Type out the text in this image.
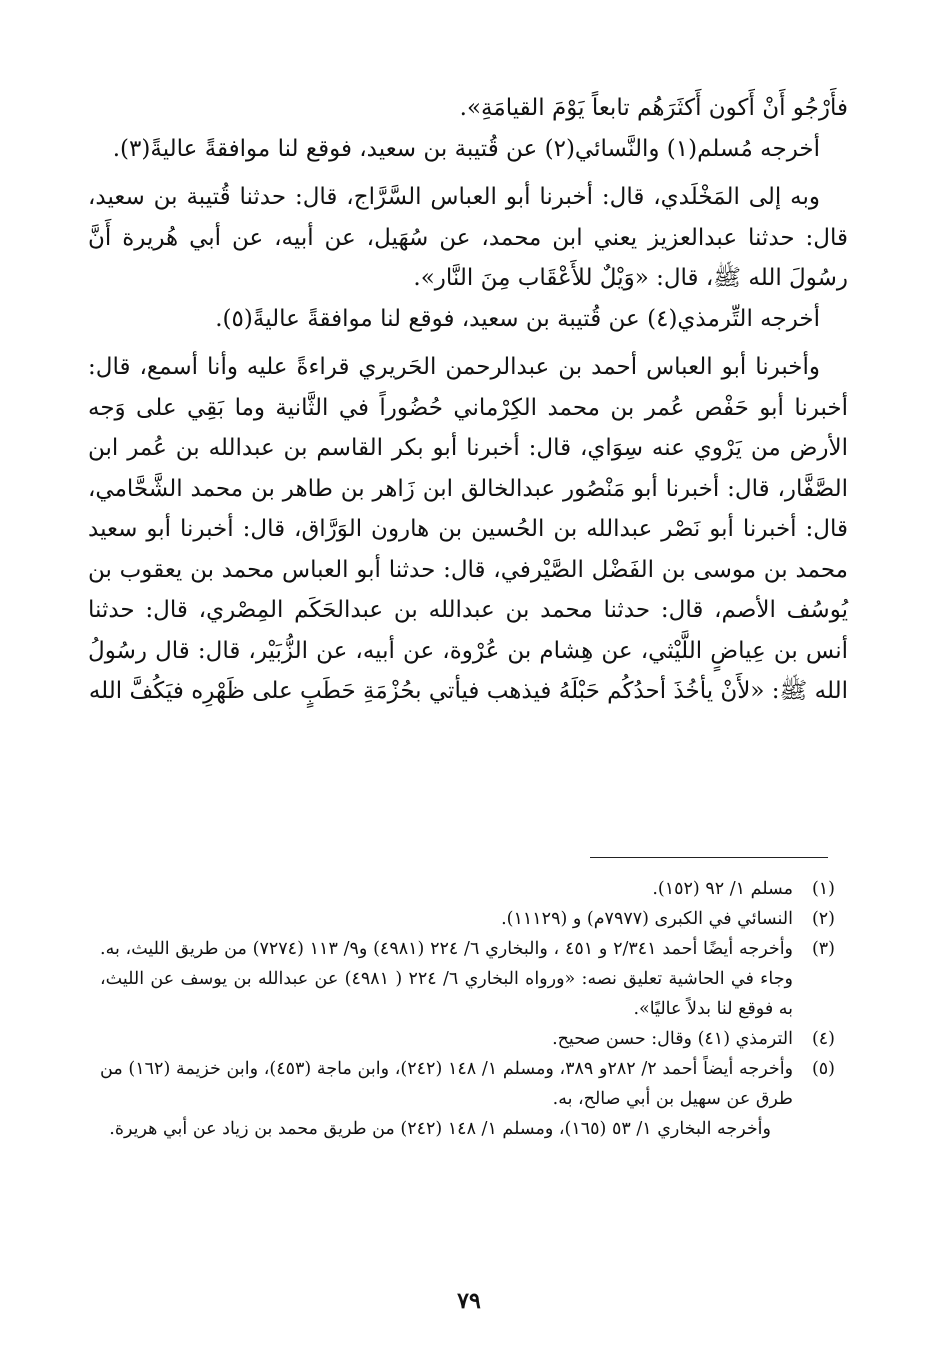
فأَرْجُو أَنْ أَكون أَكثَرَهُم تابعاً يَوْمَ القيامَةِ».

أخرجه مُسلم(١) والنَّسائي(٢) عن قُتيبة بن سعيد، فوقع لنا موافقةً عاليةً(٣).

وبه إلى المَخْلَدي، قال: أخبرنا أبو العباس السَّرَّاج، قال: حدثنا قُتيبة بن سعيد، قال: حدثنا عبدالعزيز يعني ابن محمد، عن سُهَيل، عن أبيه، عن أبي هُريرة أَنَّ رسُولَ الله ﷺ، قال: «وَيْلٌ للأَعْقَاب مِنَ النَّار».

أخرجه التِّرمذي(٤) عن قُتيبة بن سعيد، فوقع لنا موافقةً عاليةً(٥).

وأخبرنا أبو العباس أحمد بن عبدالرحمن الحَريري قراءةً عليه وأنا أسمع، قال: أخبرنا أبو حَفْص عُمر بن محمد الكِرْماني حُضُوراً في الثَّانية وما بَقِي على وَجه الأرض من يَرْوي عنه سِوَاي، قال: أخبرنا أبو بكر القاسم بن عبدالله بن عُمر ابن الصَّفَّار، قال: أخبرنا أبو مَنْصُور عبدالخالق ابن زَاهر بن طاهر بن محمد الشَّحَّامي، قال: أخبرنا أبو نَصْر عبدالله بن الحُسين بن هارون الوَرَّاق، قال: أخبرنا أبو سعيد محمد بن موسى بن الفَضْل الصَّيْرفي، قال: حدثنا أبو العباس محمد بن يعقوب بن يُوسُف الأصم، قال: حدثنا محمد بن عبدالله بن عبدالحَكَم المِصْري، قال: حدثنا أنس بن عِياضٍ اللَّيْثي، عن هِشام بن عُرْوة، عن أبيه، عن الزُّبَيْر، قال: قال رسُولُ الله ﷺ: «لأَنْ يأخُذَ أحدُكُم حَبْلَهُ فيذهب فيأتي بحُزْمَةِ حَطَبٍ على ظَهْرِه فيَكُفَّ الله

(١)
مسلم ١/ ٩٢ (١٥٢).
(٢)
النسائي في الكبرى (٧٩٧٧م) و (١١١٢٩).
(٣)
وأخرجه أيضًا أحمد ٢/٣٤١ و ٤٥١ ، والبخاري ٦/ ٢٢٤ (٤٩٨١) و٩/ ١١٣ (٧٢٧٤) من طريق الليث، به. وجاء في الحاشية تعليق نصه: «ورواه البخاري ٦/ ٢٢٤ ( ٤٩٨١) عن عبدالله بن يوسف عن الليث، به فوقع لنا بدلاً عاليًا».
(٤)
الترمذي (٤١) وقال: حسن صحيح.
(٥)
وأخرجه أيضاً أحمد ٢/ ٢٨٢و ٣٨٩، ومسلم ١/ ١٤٨ (٢٤٢)، وابن ماجة (٤٥٣)، وابن خزيمة (١٦٢) من طرق عن سهيل بن أبي صالح، به.
وأخرجه البخاري ١/ ٥٣ (١٦٥)، ومسلم ١/ ١٤٨ (٢٤٢) من طريق محمد بن زياد عن أبي هريرة.
٧٩
